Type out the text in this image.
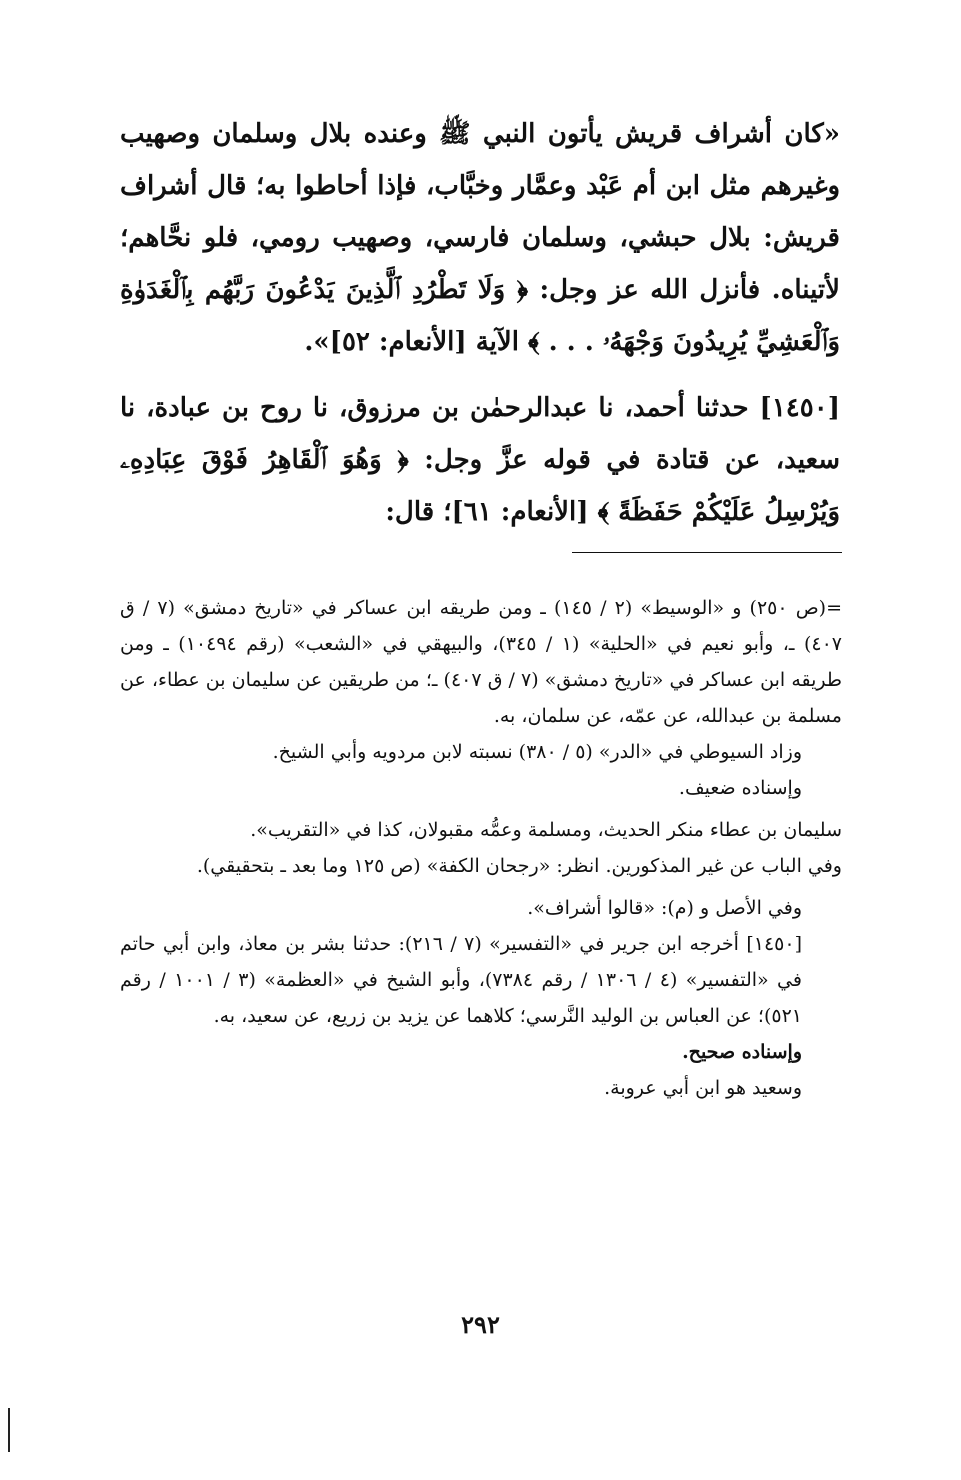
«كان أشراف قريش يأتون النبي ﷺ وعنده بلال وسلمان وصهيب وغيرهم مثل ابن أم عَبْد وعمَّار وخبَّاب، فإذا أحاطوا به؛ قال أشراف قريش: بلال حبشي، وسلمان فارسي، وصهيب رومي، فلو نحَّاهم؛ لأتيناه. فأنزل الله عز وجل: ﴿ وَلَا تَطْرُدِ ٱلَّذِينَ يَدْعُونَ رَبَّهُم بِٱلْغَدَوٰةِ وَٱلْعَشِيِّ يُرِيدُونَ وَجْهَهُۥ . . . ﴾ الآية [الأنعام: ٥٢]».

[١٤٥٠] حدثنا أحمد، نا عبدالرحمٰن بن مرزوق، نا روح بن عبادة، نا سعيد، عن قتادة في قوله عزَّ وجل: ﴿ وَهُوَ ٱلْقَاهِرُ فَوْقَ عِبَادِهِۦ وَيُرْسِلُ عَلَيْكُمْ حَفَظَةً ﴾ [الأنعام: ٦١]؛ قال:

=(ص ٢٥٠) و «الوسيط» (٢ / ١٤٥) ـ ومن طريقه ابن عساكر في «تاريخ دمشق» (٧ / ق ٤٠٧) ـ، وأبو نعيم في «الحلية» (١ / ٣٤٥)، والبيهقي في «الشعب» (رقم ١٠٤٩٤) ـ ومن طريقه ابن عساكر في «تاريخ دمشق» (٧ / ق ٤٠٧) ـ؛ من طريقين عن سليمان بن عطاء، عن مسلمة بن عبدالله، عن عمّه، عن سلمان، به.

وزاد السيوطي في «الدر» (٥ / ٣٨٠) نسبته لابن مردويه وأبي الشيخ.

وإسناده ضعيف.

سليمان بن عطاء منكر الحديث، ومسلمة وعمُّه مقبولان، كذا في «التقريب».

وفي الباب عن غير المذكورين. انظر: «رجحان الكفة» (ص ١٢٥ وما بعد ـ بتحقيقي).

وفي الأصل و (م): «قالوا أشراف».

[١٤٥٠] أخرجه ابن جرير في «التفسير» (٧ / ٢١٦): حدثنا بشر بن معاذ، وابن أبي حاتم في «التفسير» (٤ / ١٣٠٦ / رقم ٧٣٨٤)، وأبو الشيخ في «العظمة» (٣ / ١٠٠١ / رقم ٥٢١)؛ عن العباس بن الوليد النَّرسي؛ كلاهما عن يزيد بن زريع، عن سعيد، به.

وإسناده صحيح.

وسعيد هو ابن أبي عروبة.

٢٩٢
